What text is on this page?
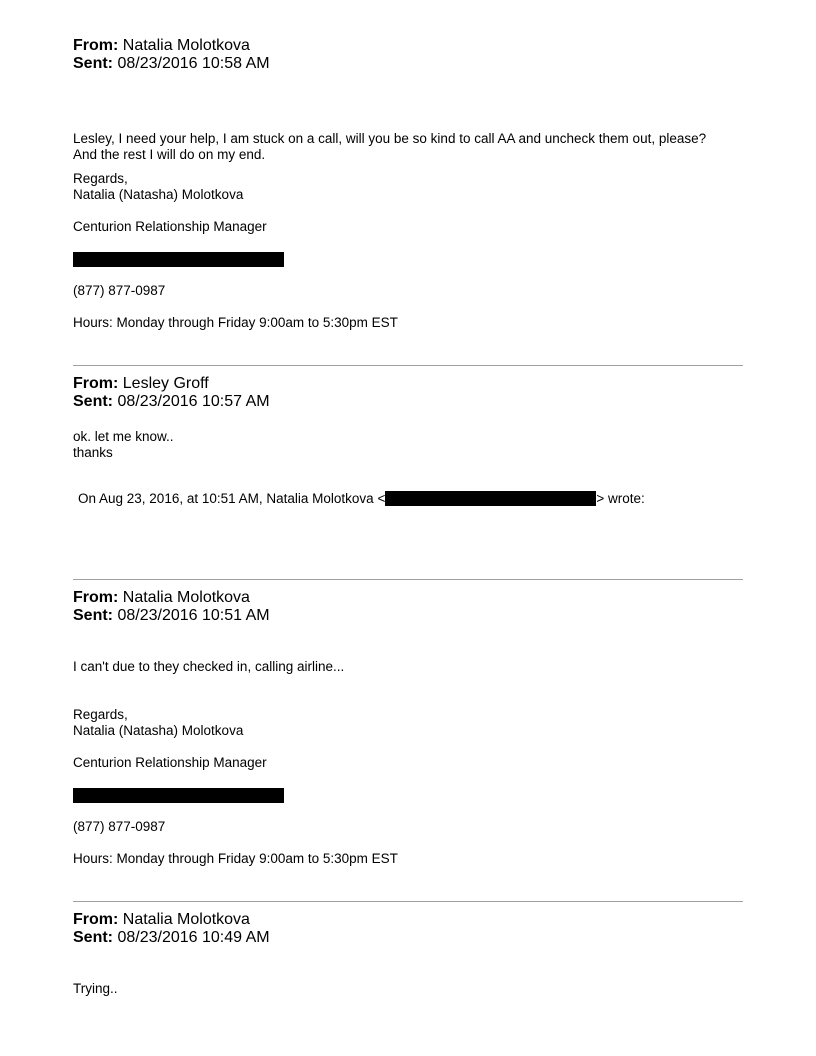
From: Natalia Molotkova
Sent: 08/23/2016 10:58 AM
Lesley, I need your help, I am stuck on a call, will you be so kind to call AA and uncheck them out, please?
And the rest I will do on my end.
Regards,
Natalia (Natasha) Molotkova
Centurion Relationship Manager
(877) 877-0987
Hours: Monday through Friday 9:00am to 5:30pm EST
From: Lesley Groff
Sent: 08/23/2016 10:57 AM
ok. let me know..
thanks
On Aug 23, 2016, at 10:51 AM, Natalia Molotkova <	> wrote:
From: Natalia Molotkova
Sent: 08/23/2016 10:51 AM
I can't due to they checked in, calling airline...
Regards,
Natalia (Natasha) Molotkova
Centurion Relationship Manager
(877) 877-0987
Hours: Monday through Friday 9:00am to 5:30pm EST
From: Natalia Molotkova
Sent: 08/23/2016 10:49 AM
Trying..
